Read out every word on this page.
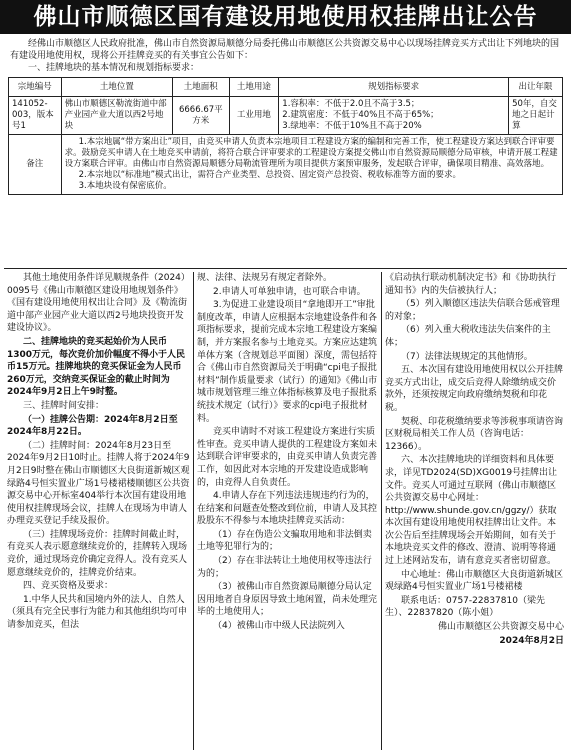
佛山市顺德区国有建设用地使用权挂牌出让公告

经佛山市顺德区人民政府批准，佛山市自然资源局顺德分局委托佛山市顺德区公共资源交易中心以现场挂牌竞买方式出让下列地块的国有建设用地使用权，现将公开挂牌竞买的有关事宜公告如下：

一、挂牌地块的基本情况和规划指标要求：

宗地编号	土地位置	土地面积	土地用途	规划指标要求	出让年限
141052-003，版本号1	佛山市顺德区勒流街道中部产业园产业大道以西2号地块	6666.67平方米	工业用地	1.容积率：不低于2.0且不高于3.5；
2.建筑密度：不低于40%且不高于65%；
3.绿地率：不低于10%且不高于20%	50年，自交地之日起计算
备注	1.本宗地属“带方案出让”项目，由竞买申请人负责本宗地项目工程建设方案的编制和完善工作，使工程建设方案达到联合评审要求。鼓励竞买申请人在土地竞买申请前，将符合联合评审要求的工程建设方案提交佛山市自然资源局顺德分局审核，申请开展工程建设方案联合评审。由佛山市自然资源局顺德分局勒流管理所为项目提供方案预审服务，发起联合评审，确保项目精准、高效落地。

2.本宗地以“标准地”模式出让，需符合产业类型、总投资、固定资产总投资、税收标准等方面的要求。

3.本地块设有保密底价。				

其他土地使用条件详见顺规条件（2024）0095号《佛山市顺德区建设用地规划条件》《国有建设用地使用权出让合同》及《勒流街道中部产业园产业大道以西2号地块投资开发建设协议》。

二、挂牌地块的竞买起始价为人民币1300万元，每次竞价加价幅度不得小于人民币15万元。挂牌地块的竞买保证金为人民币260万元，交纳竞买保证金的截止时间为2024年9月2日上午9时整。

三、挂牌时间安排：

（一）挂牌公告期：2024年8月2日至2024年8月22日。

（二）挂牌时间：2024年8月23日至2024年9月2日10时止。挂牌人将于2024年9月2日9时整在佛山市顺德区大良街道新城区观绿路4号恒实置业广场1号楼裙楼顺德区公共资源交易中心开标室404举行本次国有建设用地使用权挂牌现场会议，挂牌人在现场为申请人办理竞买登记手续及报价。

（三）挂牌现场竞价：挂牌时间截止时，有竞买人表示愿意继续竞价的，挂牌转入现场竞价，通过现场竞价确定竞得人。没有竞买人愿意继续竞价的，挂牌竞价结束。

四、竞买资格及要求：

1.中华人民共和国境内外的法人、自然人（须具有完全民事行为能力和其他组织均可申请参加竞买，但法

规、法律、法规另有规定者除外。

2.申请人可单独申请，也可联合申请。

3.为促进工业建设项目“拿地即开工”审批制度改革，申请人应根据本宗地建设条件和各项指标要求，提前完成本宗地工程建设方案编制，并方案报名参与土地竞买。方案应达建筑单体方案（含规划总平面图）深度，需包括符合《佛山市自然资源局关于明确“cpi电子报批材料”制作质量要求（试行）的通知》《佛山市城市规划管理三维立体指标核算及电子报批系统技术规定（试行）》要求的cpi电子报批材料。

竞买申请时不对该工程建设方案进行实质性审查。竞买申请人提供的工程建设方案如未达到联合评审要求的，由竞买申请人负责完善工作，如因此对本宗地的开发建设造成影响的，由竞得人自负责任。

4.申请人存在下列违法违规违约行为的，在结案和问题查处整改到位前，申请人及其控股股东不得参与本地块挂牌竞买活动：

（1）存在伪造公文骗取用地和非法倒卖土地等犯罪行为的；

（2）存在非法转让土地使用权等违法行为的；

（3）被佛山市自然资源局顺德分局认定因用地者自身原因导致土地闲置，尚未处理完毕的土地使用人；

（4）被佛山市中级人民法院列入

《启动执行联动机制决定书》和《协助执行通知书》内的失信被执行人；

（5）列入顺德区违法失信联合惩戒管理的对象；

（6）列入重大税收违法失信案件的主体；

（7）法律法规规定的其他情形。

五、本次国有建设用地使用权以公开挂牌竞买方式出让，成交后竞得人除缴纳成交价款外，还须按规定向政府缴纳契税和印花税。

契税、印花税缴纳要求等涉税事项请咨询区财税局相关工作人员（咨询电话：12366）。

六、本次挂牌地块的详细资料和具体要求，详见TD2024(SD)XG0019号挂牌出让文件。竞买人可通过互联网（佛山市顺德区公共资源交易中心网址：http://www.shunde.gov.cn/ggzy/）获取本次国有建设用地使用权挂牌出让文件。本次公告后至挂牌现场会开始期间，如有关于本地块竞买文件的修改、澄清、说明等将通过上述网站发布，请有意竞买者密切留意。

中心地址：佛山市顺德区大良街道新城区观绿路4号恒实置业广场1号楼裙楼

联系电话：0757-22837810（梁先生）、22837820（陈小姐）

佛山市顺德区公共资源交易中心

2024年8月2日
